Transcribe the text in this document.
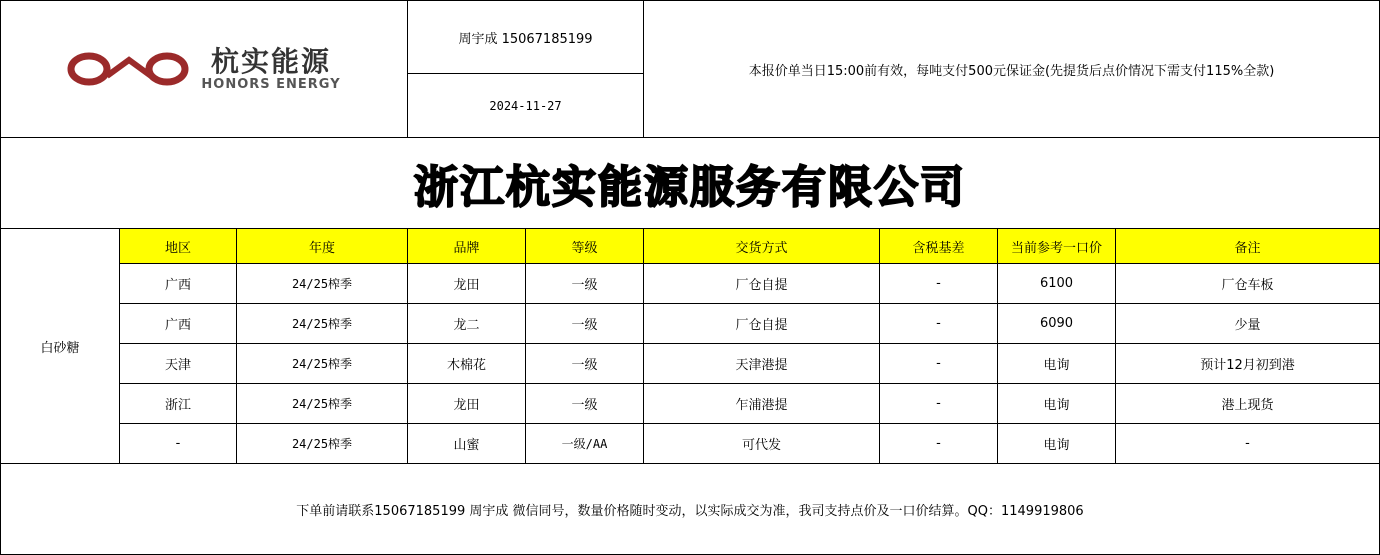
杭实能源
HONORS ENERGY
周宇成 15067185199
2024-11-27
本报价单当日15:00前有效，每吨支付500元保证金(先提货后点价情况下需支付115%全款)
浙江杭实能源服务有限公司
白砂糖
地区	年度	品牌	等级	交货方式	含税基差	当前参考一口价	备注
广西	24/25榨季	龙田	一级	厂仓自提	-	6100	厂仓车板
广西	24/25榨季	龙二	一级	厂仓自提	-	6090	少量
天津	24/25榨季	木棉花	一级	天津港提	-	电询	预计12月初到港
浙江	24/25榨季	龙田	一级	乍浦港提	-	电询	港上现货
-	24/25榨季	山蜜	一级/AA	可代发	-	电询	-
下单前请联系15067185199 周宇成 微信同号，数量价格随时变动，以实际成交为准，我司支持点价及一口价结算。QQ：1149919806
